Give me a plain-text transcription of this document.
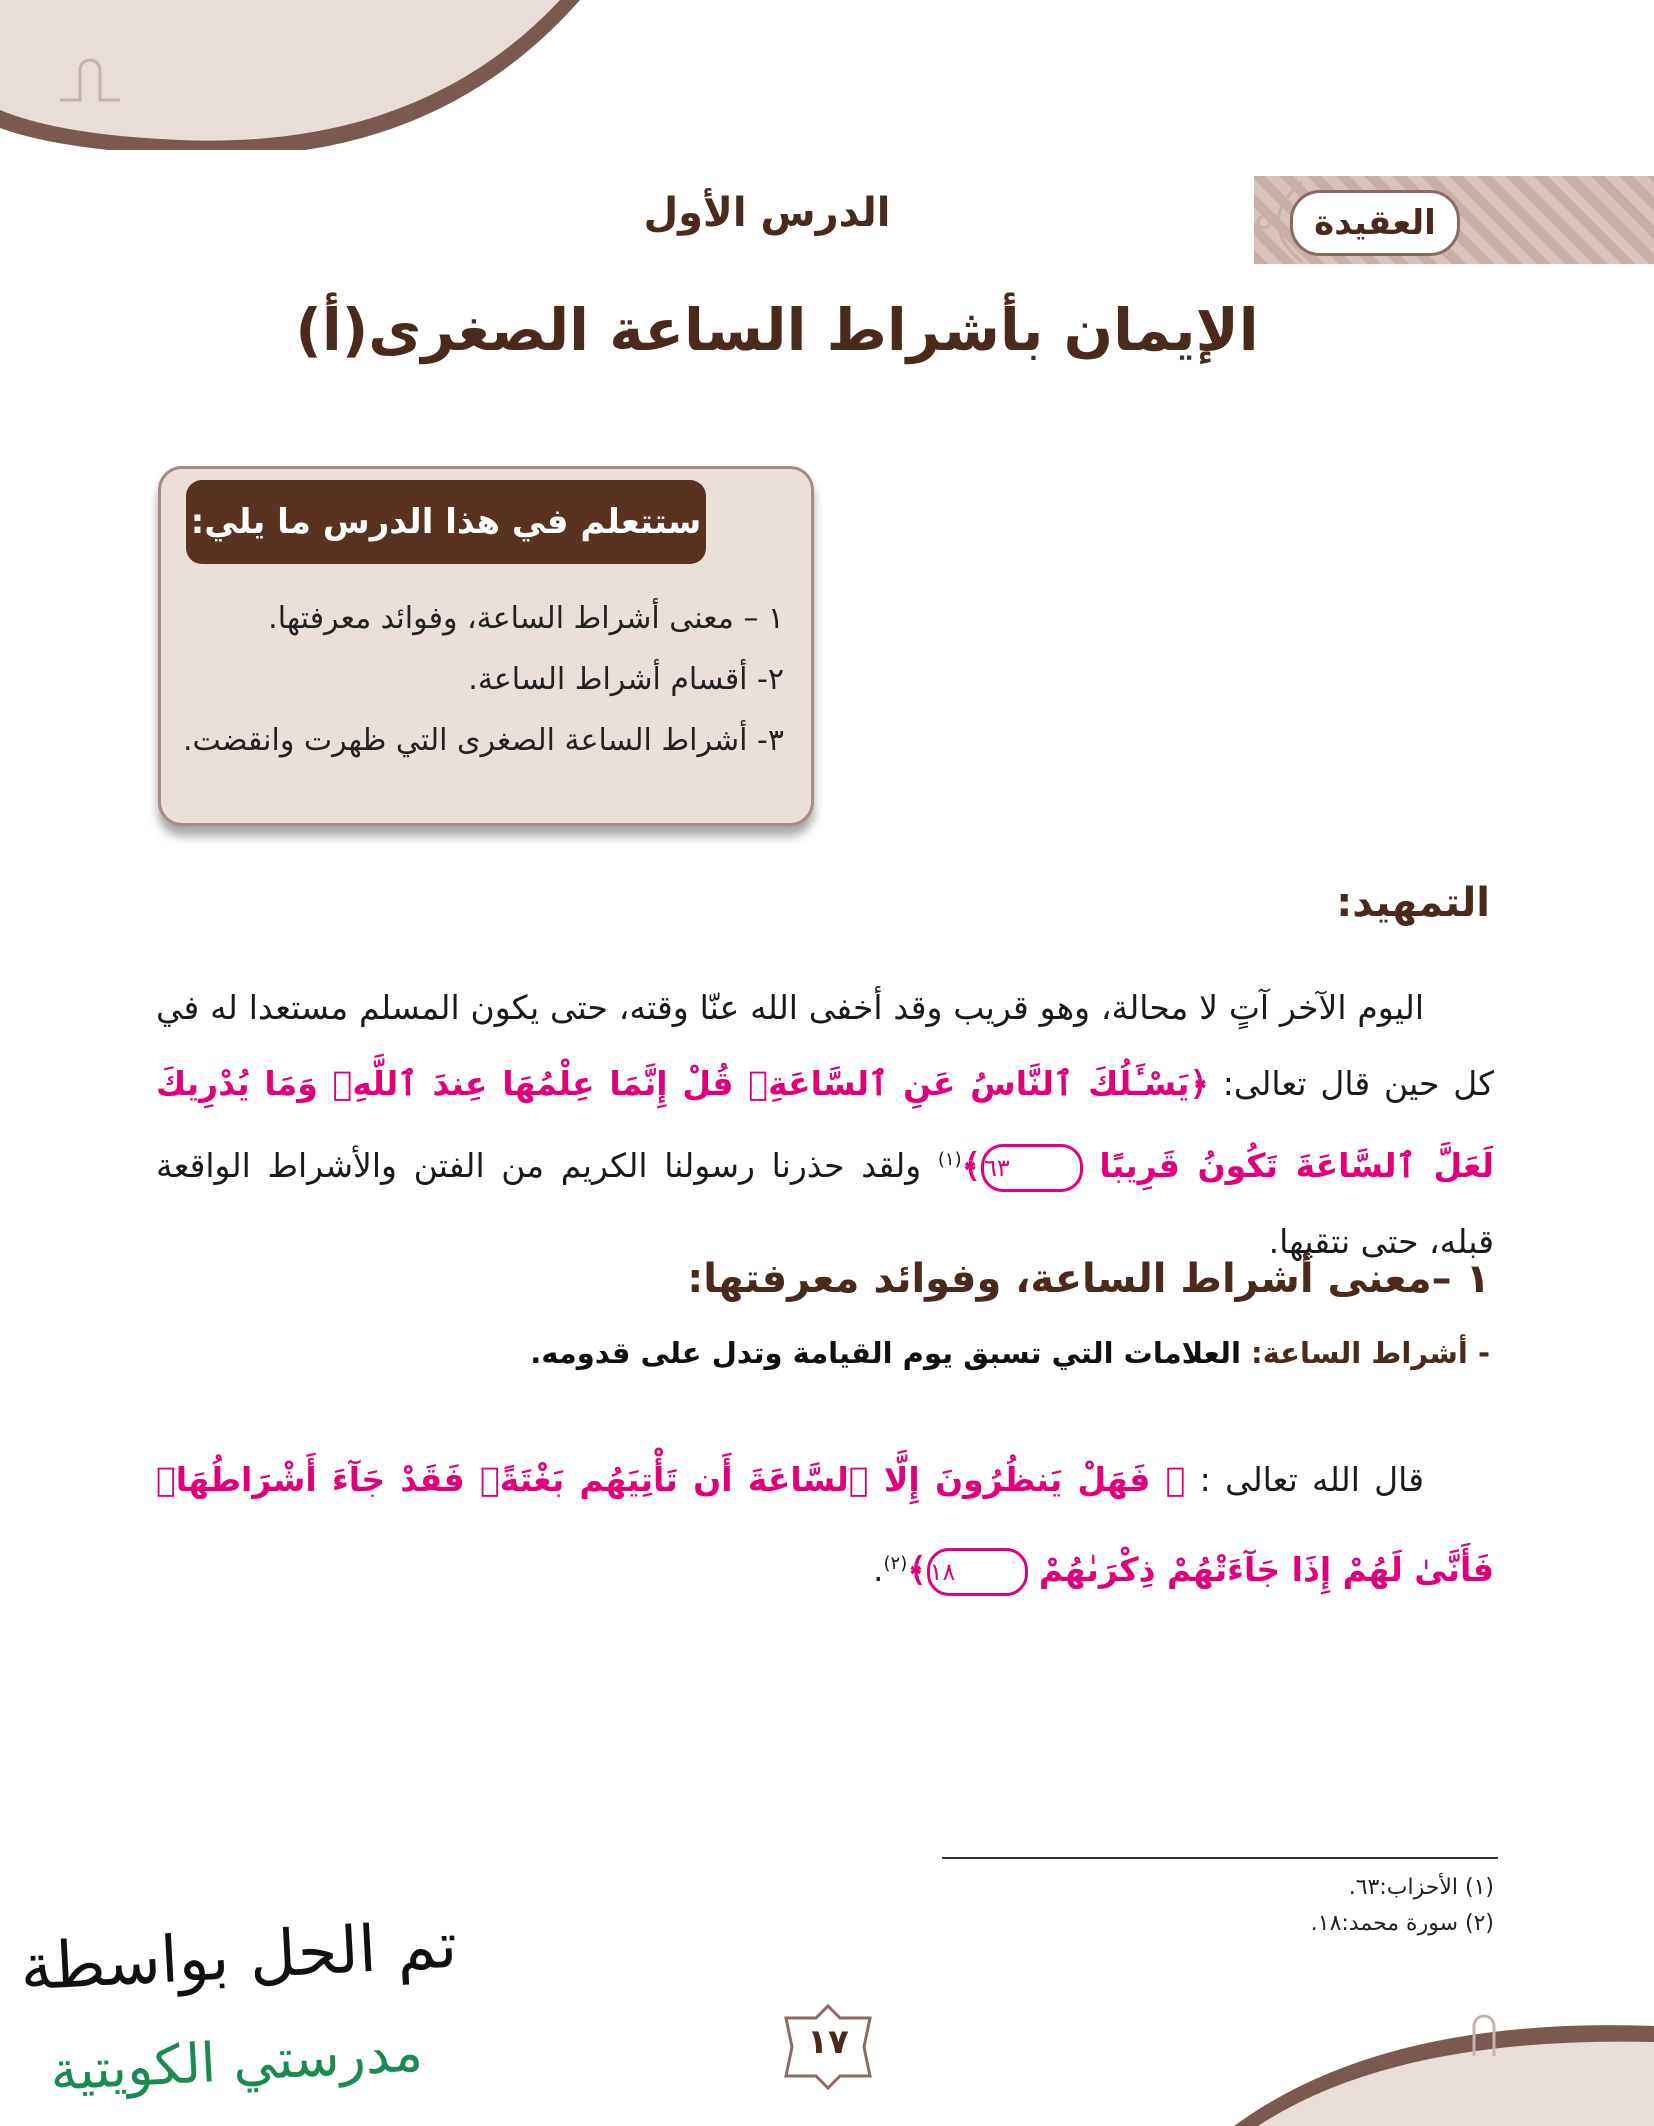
العقيدة
الدرس الأول
الإيمان بأشراط الساعة الصغرى(أ)
ستتعلم في هذا الدرس ما يلي:
١ – معنى أشراط الساعة، وفوائد معرفتها.
٢- أقسام أشراط الساعة.
٣- أشراط الساعة الصغرى التي ظهرت وانقضت.
التمهيد:

اليوم الآخر آتٍ لا محالة، وهو قريب وقد أخفى الله عنّا وقته، حتى يكون المسلم مستعدا له في كل حين قال تعالى: ﴿يَسْـَٔلُكَ ٱلنَّاسُ عَنِ ٱلسَّاعَةِۖ قُلْ إِنَّمَا عِلْمُهَا عِندَ ٱللَّهِۚ وَمَا يُدْرِيكَ لَعَلَّ ٱلسَّاعَةَ تَكُونُ قَرِيبًا ٦٣﴾$^{(١)}$ ولقد حذرنا رسولنا الكريم من الفتن والأشراط الواقعة قبله، حتى نتقيها.

١ –معنى أشراط الساعة، وفوائد معرفتها:
- أشراط الساعة: العلامات التي تسبق يوم القيامة وتدل على قدومه.

قال الله تعالى : ﴿ فَهَلْ يَنظُرُونَ إِلَّا ٱلسَّاعَةَ أَن تَأْتِيَهُم بَغْتَةًۖ فَقَدْ جَآءَ أَشْرَاطُهَاۚ فَأَنَّىٰ لَهُمْ إِذَا جَآءَتْهُمْ ذِكْرَىٰهُمْ ١٨﴾$^{(٢)}$.

(١) الأحزاب:٦٣.
(٢) سورة محمد:١٨.
١٧
تم الحل بواسطة
مدرستي الكويتية
